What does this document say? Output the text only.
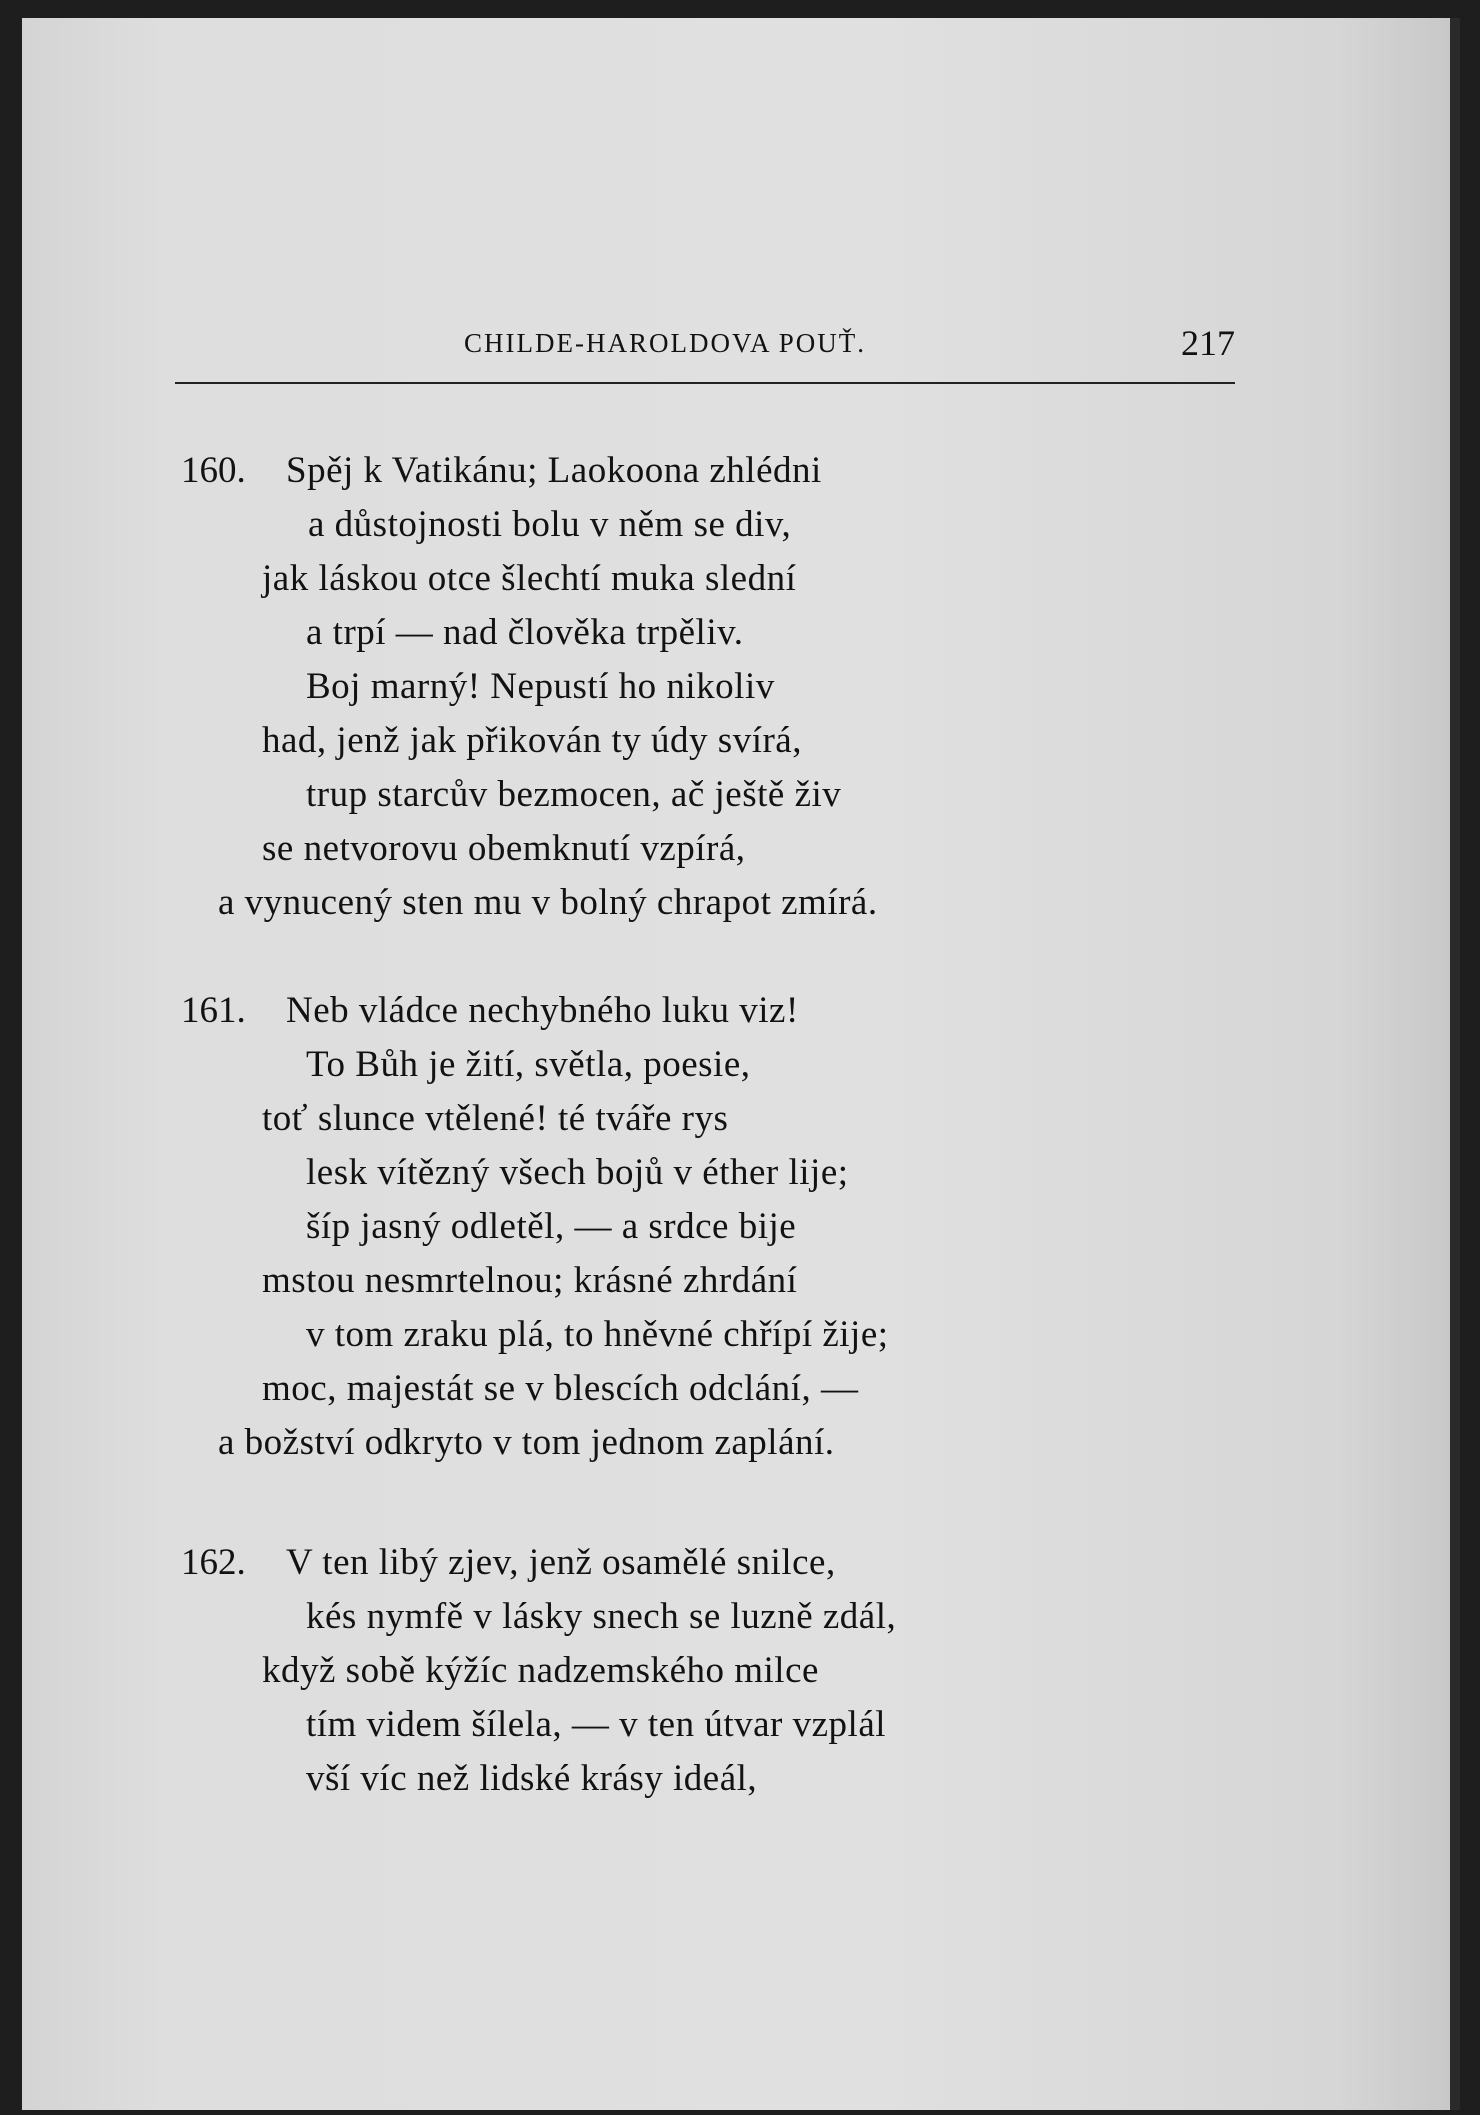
CHILDE-HAROLDOVA POUŤ.	217
160. Spěj k Vatikánu; Laokoona zhlédni
a důstojnosti bolu v něm se div,
jak láskou otce šlechtí muka slední
a trpí — nad člověka trpěliv.
Boj marný! Nepustí ho nikoliv
had, jenž jak přikován ty údy svírá,
trup starcův bezmocen, ač ještě živ
se netvorovu obemknutí vzpírá,
a vynucený sten mu v bolný chrapot zmírá.
161. Neb vládce nechybného luku viz!
To Bůh je žití, světla, poesie,
toť slunce vtělené! té tváře rys
lesk vítězný všech bojů v éther lije;
šíp jasný odletěl, — a srdce bije
mstou nesmrtelnou; krásné zhrdání
v tom zraku plá, to hněvné chřípí žije;
moc, majestát se v blescích odclání, —
a božství odkryto v tom jednom zaplání.
162. V ten libý zjev, jenž osamělé snilce,
kés nymfě v lásky snech se luzně zdál,
když sobě kýžíc nadzemského milce
tím videm šílela, — v ten útvar vzplál
vší víc než lidské krásy ideál,
